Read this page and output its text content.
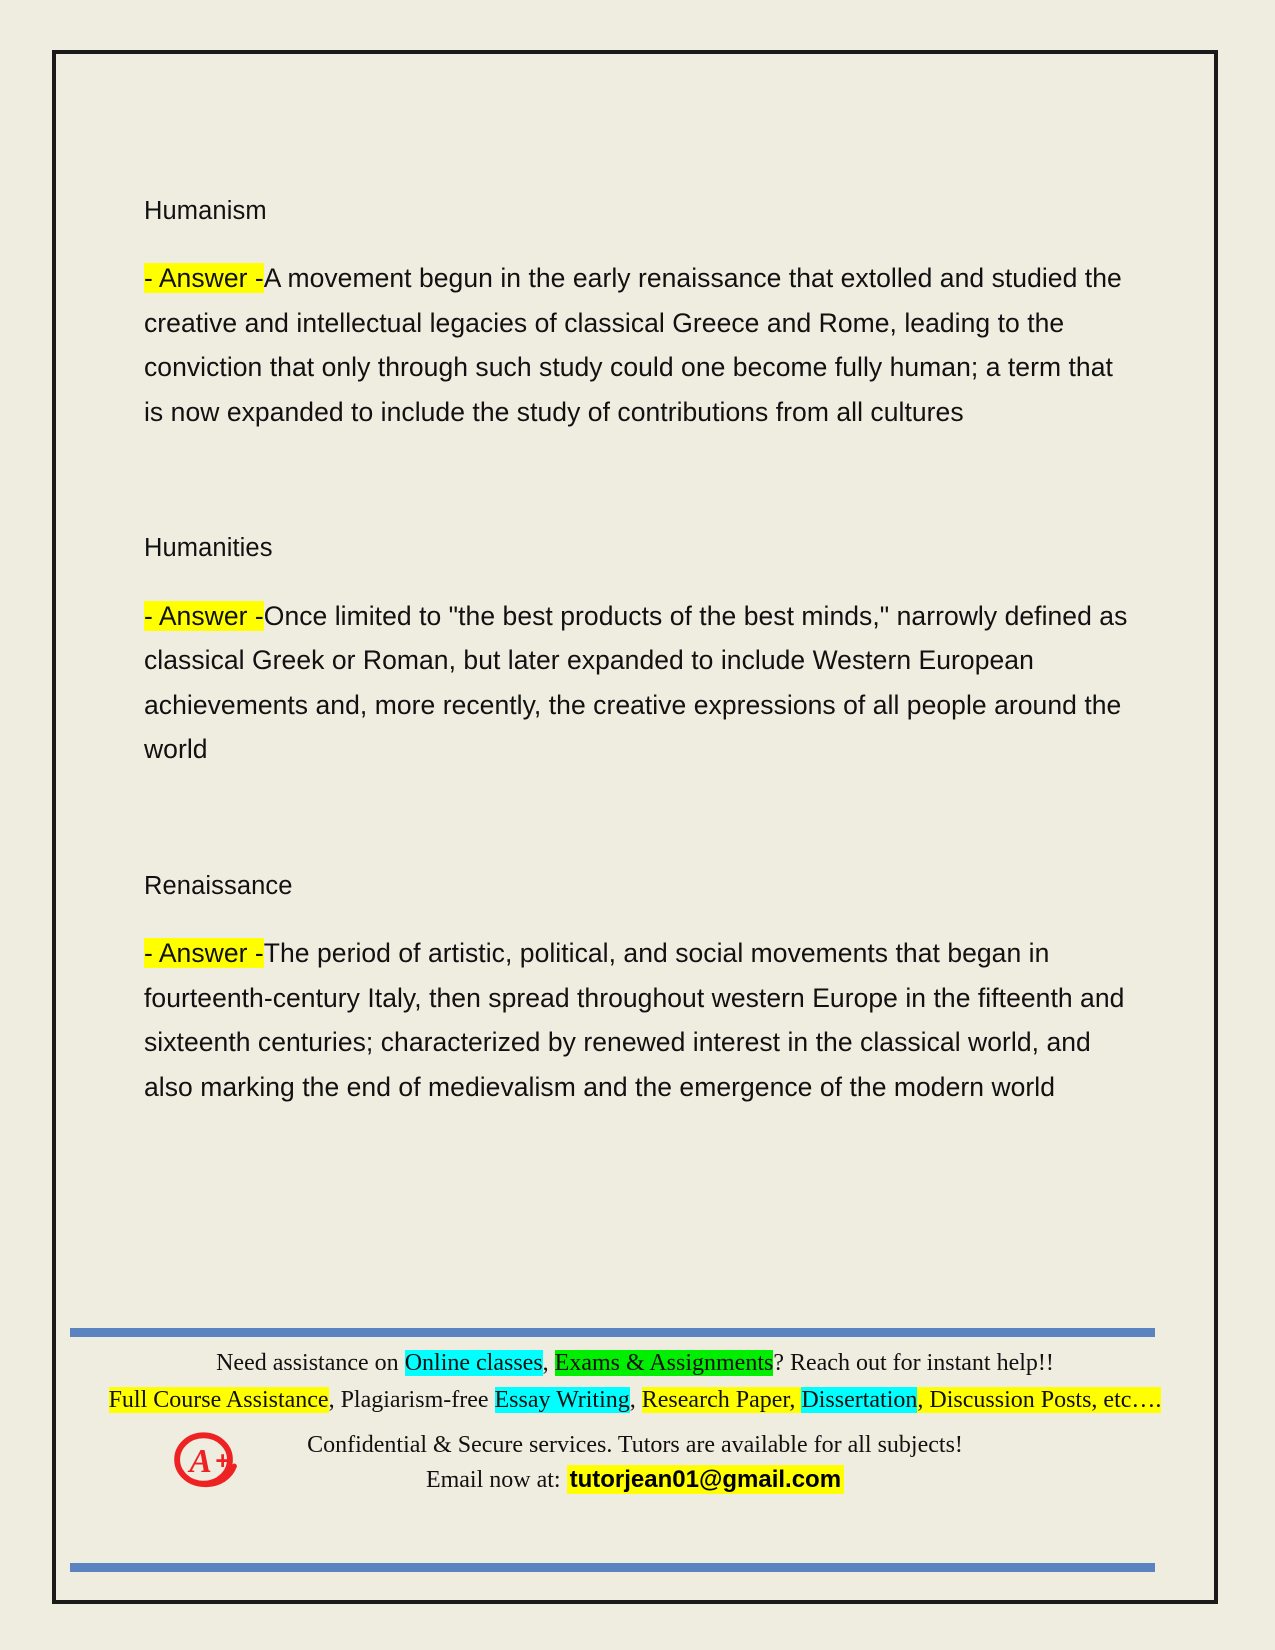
Humanism

- Answer -A movement begun in the early renaissance that extolled and studied the creative and intellectual legacies of classical Greece and Rome, leading to the conviction that only through such study could one become fully human; a term that is now expanded to include the study of contributions from all cultures

Humanities

- Answer -Once limited to "the best products of the best minds," narrowly defined as classical Greek or Roman, but later expanded to include Western European achievements and, more recently, the creative expressions of all people around the world

Renaissance

- Answer -The period of artistic, political, and social movements that began in fourteenth-century Italy, then spread throughout western Europe in the fifteenth and sixteenth centuries; characterized by renewed interest in the classical world, and also marking the end of medievalism and the emergence of the modern world

Need assistance on Online classes, Exams & Assignments? Reach out for instant help!!
Full Course Assistance, Plagiarism-free Essay Writing, Research Paper, Dissertation, Discussion Posts, etc….
Confidential & Secure services. Tutors are available for all subjects!
Email now at: tutorjean01@gmail.com
A +
